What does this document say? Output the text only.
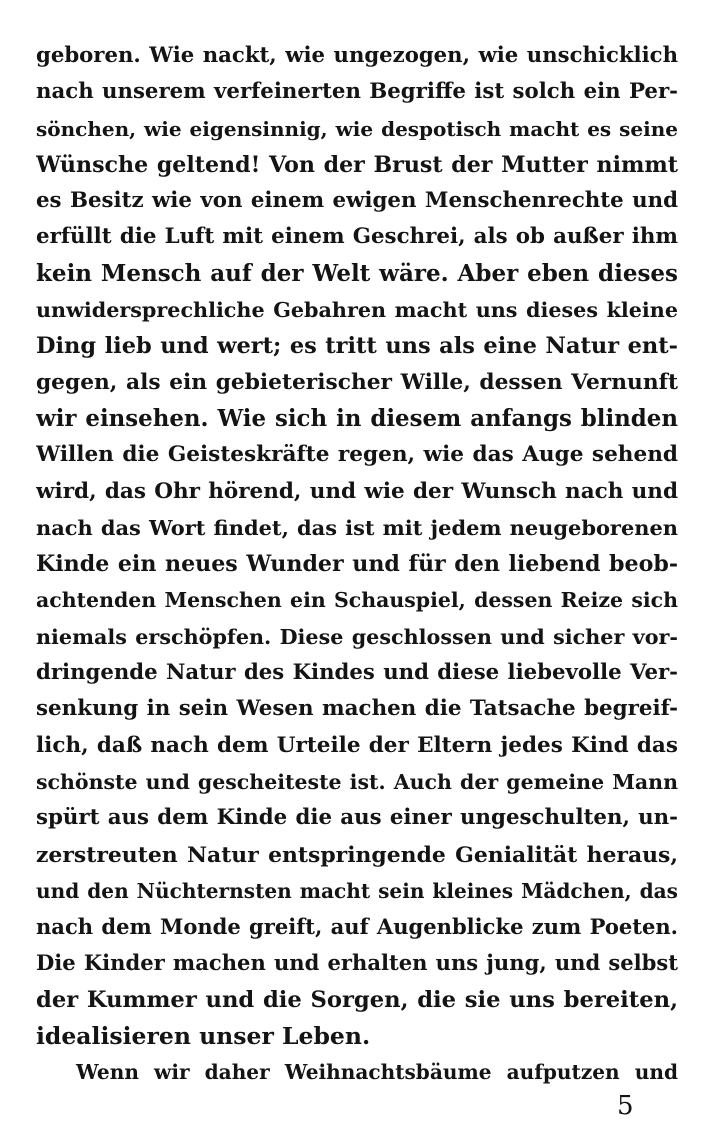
geboren. Wie nackt, wie ungezogen, wie unschicklich
nach unserem verfeinerten Begriffe ist solch ein Per-
sönchen, wie eigensinnig, wie despotisch macht es seine
Wünsche geltend! Von der Brust der Mutter nimmt
es Besitz wie von einem ewigen Menschenrechte und
erfüllt die Luft mit einem Geschrei, als ob außer ihm
kein Mensch auf der Welt wäre. Aber eben dieses
unwidersprechliche Gebahren macht uns dieses kleine
Ding lieb und wert; es tritt uns als eine Natur ent-
gegen, als ein gebieterischer Wille, dessen Vernunft
wir einsehen. Wie sich in diesem anfangs blinden
Willen die Geisteskräfte regen, wie das Auge sehend
wird, das Ohr hörend, und wie der Wunsch nach und
nach das Wort findet, das ist mit jedem neugeborenen
Kinde ein neues Wunder und für den liebend beob-
achtenden Menschen ein Schauspiel, dessen Reize sich
niemals erschöpfen. Diese geschlossen und sicher vor-
dringende Natur des Kindes und diese liebevolle Ver-
senkung in sein Wesen machen die Tatsache begreif-
lich, daß nach dem Urteile der Eltern jedes Kind das
schönste und gescheiteste ist. Auch der gemeine Mann
spürt aus dem Kinde die aus einer ungeschulten, un-
zerstreuten Natur entspringende Genialität heraus,
und den Nüchternsten macht sein kleines Mädchen, das
nach dem Monde greift, auf Augenblicke zum Poeten.
Die Kinder machen und erhalten uns jung, und selbst
der Kummer und die Sorgen, die sie uns bereiten,
idealisieren unser Leben.
Wenn wir daher Weihnachtsbäume aufputzen und
5
